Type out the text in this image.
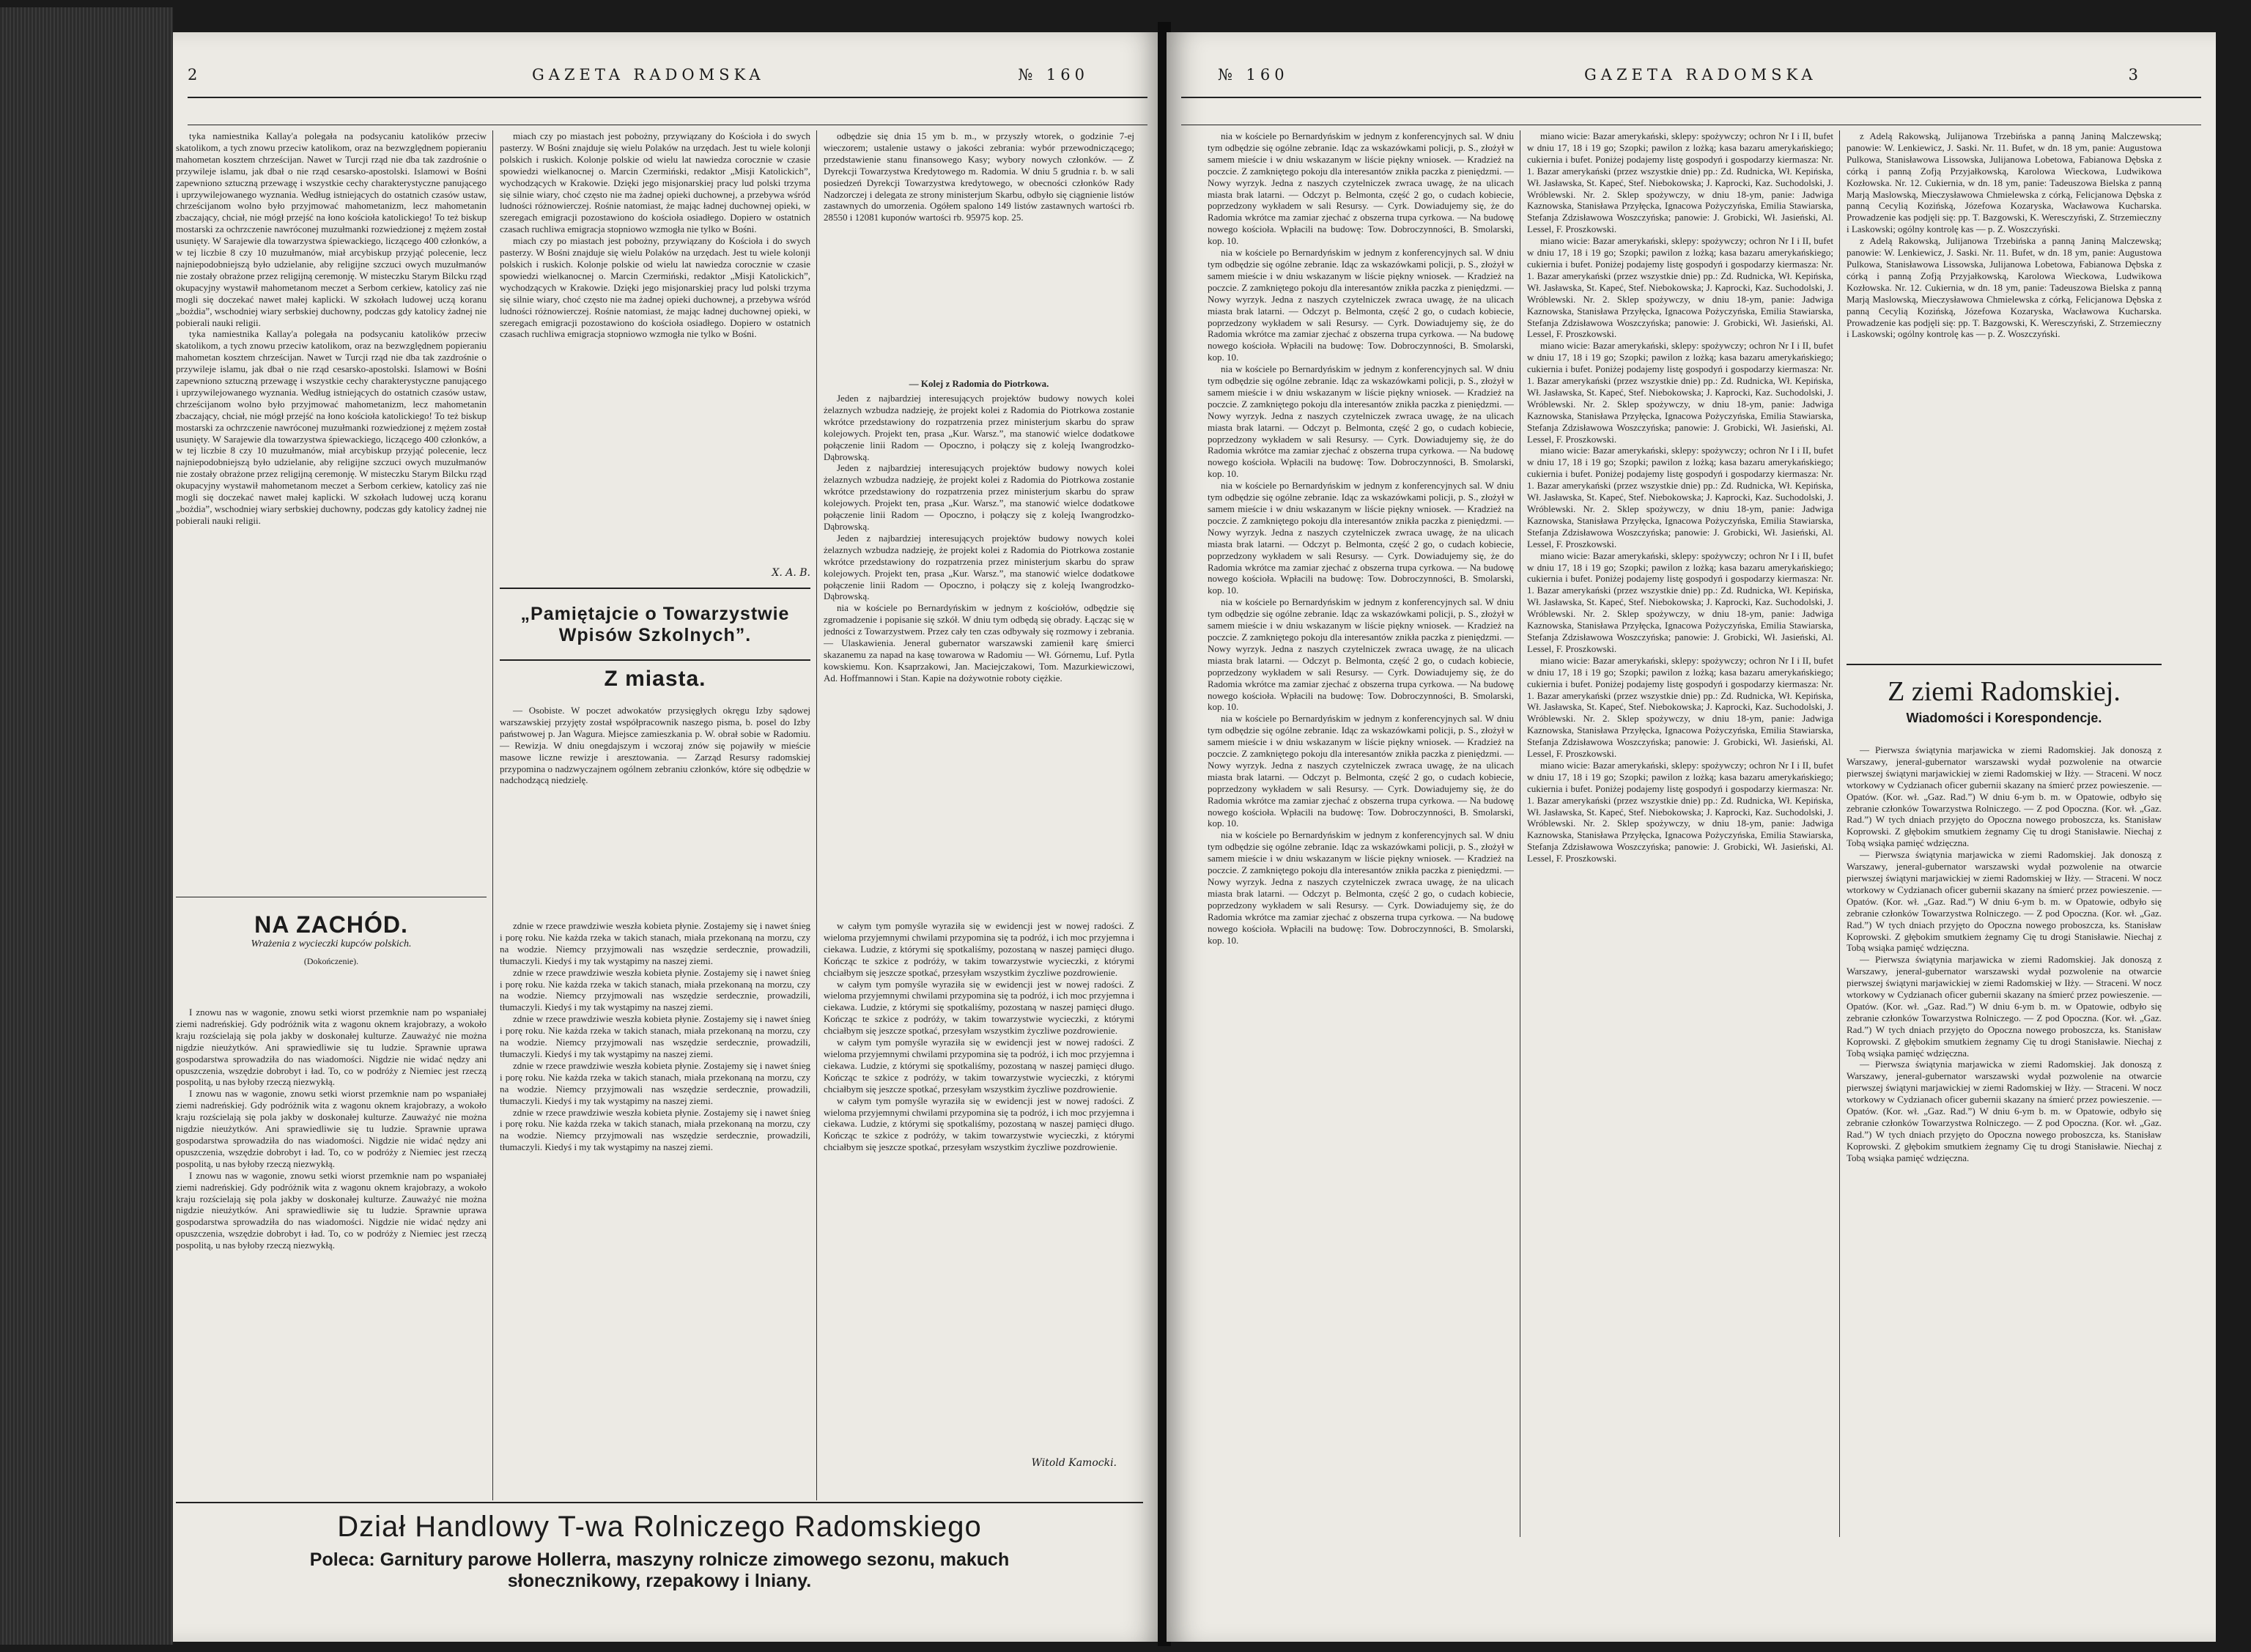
2	GAZETA RADOMSKA	№ 160

tyka namiestnika Kallay'a polegała na podsycaniu katolików przeciw skatolikom, a tych znowu przeciw katolikom, oraz na bezwzględnem popieraniu mahometan kosztem chrześcijan. Nawet w Turcji rząd nie dba tak zazdrośnie o przywileje islamu, jak dbał o nie rząd cesarsko-apostolski. Islamowi w Bośni zapewniono sztuczną przewagę i wszystkie cechy charakterystyczne panującego i uprzywilejowanego wyznania. Według istniejących do ostatnich czasów ustaw, chrześcijanom wolno było przyjmować mahometanizm, lecz mahometanin zbaczający, chciał, nie mógł przejść na łono kościoła katolickiego! To też biskup mostarski za ochrzczenie nawróconej muzułmanki rozwiedzionej z mężem został usunięty. W Sarajewie dla towarzystwa śpiewackiego, liczącego 400 członków, a w tej liczbie 8 czy 10 muzułmanów, miał arcybiskup przyjąć polecenie, lecz najniepodobniejszą było udzielanie, aby religijne szczuci owych muzułmanów nie zostały obrażone przez religijną ceremonję. W misteczku Starym Bilcku rząd okupacyjny wystawił mahometanom meczet a Serbom cerkiew, katolicy zaś nie mogli się doczekać nawet małej kaplicki. W szkołach ludowej uczą koranu „bożdia”, wschodniej wiary serbskiej duchowny, podczas gdy katolicy żadnej nie pobierali nauki religii.

tyka namiestnika Kallay'a polegała na podsycaniu katolików przeciw skatolikom, a tych znowu przeciw katolikom, oraz na bezwzględnem popieraniu mahometan kosztem chrześcijan. Nawet w Turcji rząd nie dba tak zazdrośnie o przywileje islamu, jak dbał o nie rząd cesarsko-apostolski. Islamowi w Bośni zapewniono sztuczną przewagę i wszystkie cechy charakterystyczne panującego i uprzywilejowanego wyznania. Według istniejących do ostatnich czasów ustaw, chrześcijanom wolno było przyjmować mahometanizm, lecz mahometanin zbaczający, chciał, nie mógł przejść na łono kościoła katolickiego! To też biskup mostarski za ochrzczenie nawróconej muzułmanki rozwiedzionej z mężem został usunięty. W Sarajewie dla towarzystwa śpiewackiego, liczącego 400 członków, a w tej liczbie 8 czy 10 muzułmanów, miał arcybiskup przyjąć polecenie, lecz najniepodobniejszą było udzielanie, aby religijne szczuci owych muzułmanów nie zostały obrażone przez religijną ceremonję. W misteczku Starym Bilcku rząd okupacyjny wystawił mahometanom meczet a Serbom cerkiew, katolicy zaś nie mogli się doczekać nawet małej kaplicki. W szkołach ludowej uczą koranu „bożdia”, wschodniej wiary serbskiej duchowny, podczas gdy katolicy żadnej nie pobierali nauki religii.

NA ZACHÓD.
Wrażenia z wycieczki kupców polskich.
(Dokończenie).

I znowu nas w wagonie, znowu setki wiorst przemknie nam po wspaniałej ziemi nadreńskiej. Gdy podróżnik wita z wagonu oknem krajobrazy, a wokoło kraju rozścielają się pola jakby w doskonałej kulturze. Zauważyć nie można nigdzie nieużytków. Ani sprawiedliwie się tu ludzie. Sprawnie uprawa gospodarstwa sprowadziła do nas wiadomości. Nigdzie nie widać nędzy ani opuszczenia, wszędzie dobrobyt i ład. To, co w podróży z Niemiec jest rzeczą pospolitą, u nas byłoby rzeczą niezwykłą.

I znowu nas w wagonie, znowu setki wiorst przemknie nam po wspaniałej ziemi nadreńskiej. Gdy podróżnik wita z wagonu oknem krajobrazy, a wokoło kraju rozścielają się pola jakby w doskonałej kulturze. Zauważyć nie można nigdzie nieużytków. Ani sprawiedliwie się tu ludzie. Sprawnie uprawa gospodarstwa sprowadziła do nas wiadomości. Nigdzie nie widać nędzy ani opuszczenia, wszędzie dobrobyt i ład. To, co w podróży z Niemiec jest rzeczą pospolitą, u nas byłoby rzeczą niezwykłą.

I znowu nas w wagonie, znowu setki wiorst przemknie nam po wspaniałej ziemi nadreńskiej. Gdy podróżnik wita z wagonu oknem krajobrazy, a wokoło kraju rozścielają się pola jakby w doskonałej kulturze. Zauważyć nie można nigdzie nieużytków. Ani sprawiedliwie się tu ludzie. Sprawnie uprawa gospodarstwa sprowadziła do nas wiadomości. Nigdzie nie widać nędzy ani opuszczenia, wszędzie dobrobyt i ład. To, co w podróży z Niemiec jest rzeczą pospolitą, u nas byłoby rzeczą niezwykłą.

miach czy po miastach jest pobożny, przywiązany do Kościoła i do swych pasterzy. W Bośni znajduje się wielu Polaków na urzędach. Jest tu wiele kolonji polskich i ruskich. Kolonje polskie od wielu lat nawiedza corocznie w czasie spowiedzi wielkanocnej o. Marcin Czermiński, redaktor „Misji Katolickich”, wychodzących w Krakowie. Dzięki jego misjonarskiej pracy lud polski trzyma się silnie wiary, choć często nie ma żadnej opieki duchownej, a przebywa wśród ludności różnowierczej. Rośnie natomiast, że mając ładnej duchownej opieki, w szeregach emigracji pozostawiono do kościoła osiadłego. Dopiero w ostatnich czasach ruchliwa emigracja stopniowo wzmogła nie tylko w Bośni.

miach czy po miastach jest pobożny, przywiązany do Kościoła i do swych pasterzy. W Bośni znajduje się wielu Polaków na urzędach. Jest tu wiele kolonji polskich i ruskich. Kolonje polskie od wielu lat nawiedza corocznie w czasie spowiedzi wielkanocnej o. Marcin Czermiński, redaktor „Misji Katolickich”, wychodzących w Krakowie. Dzięki jego misjonarskiej pracy lud polski trzyma się silnie wiary, choć często nie ma żadnej opieki duchownej, a przebywa wśród ludności różnowierczej. Rośnie natomiast, że mając ładnej duchownej opieki, w szeregach emigracji pozostawiono do kościoła osiadłego. Dopiero w ostatnich czasach ruchliwa emigracja stopniowo wzmogła nie tylko w Bośni.

X. A. B.
„Pamiętajcie o Towarzystwie Wpisów Szkolnych”.
Z miasta.

— Osobiste. W poczet adwokatów przysięgłych okręgu Izby sądowej warszawskiej przyjęty został współpracownik naszego pisma, b. posel do Izby państwowej p. Jan Wagura. Miejsce zamieszkania p. W. obrał sobie w Radomiu. — Rewizja. W dniu onegdajszym i wczoraj znów się pojawiły w mieście masowe liczne rewizje i aresztowania. — Zarząd Resursy radomskiej przypomina o nadzwyczajnem ogólnem zebraniu członków, które się odbędzie w nadchodzącą niedzielę.

zdnie w rzece prawdziwie weszła kobieta płynie. Zostajemy się i nawet śnieg i porę roku. Nie każda rzeka w takich stanach, miała przekonaną na morzu, czy na wodzie. Niemcy przyjmowali nas wszędzie serdecznie, prowadzili, tłumaczyli. Kiedyś i my tak wystąpimy na naszej ziemi.

zdnie w rzece prawdziwie weszła kobieta płynie. Zostajemy się i nawet śnieg i porę roku. Nie każda rzeka w takich stanach, miała przekonaną na morzu, czy na wodzie. Niemcy przyjmowali nas wszędzie serdecznie, prowadzili, tłumaczyli. Kiedyś i my tak wystąpimy na naszej ziemi.

zdnie w rzece prawdziwie weszła kobieta płynie. Zostajemy się i nawet śnieg i porę roku. Nie każda rzeka w takich stanach, miała przekonaną na morzu, czy na wodzie. Niemcy przyjmowali nas wszędzie serdecznie, prowadzili, tłumaczyli. Kiedyś i my tak wystąpimy na naszej ziemi.

zdnie w rzece prawdziwie weszła kobieta płynie. Zostajemy się i nawet śnieg i porę roku. Nie każda rzeka w takich stanach, miała przekonaną na morzu, czy na wodzie. Niemcy przyjmowali nas wszędzie serdecznie, prowadzili, tłumaczyli. Kiedyś i my tak wystąpimy na naszej ziemi.

zdnie w rzece prawdziwie weszła kobieta płynie. Zostajemy się i nawet śnieg i porę roku. Nie każda rzeka w takich stanach, miała przekonaną na morzu, czy na wodzie. Niemcy przyjmowali nas wszędzie serdecznie, prowadzili, tłumaczyli. Kiedyś i my tak wystąpimy na naszej ziemi.

odbędzie się dnia 15 ym b. m., w przyszły wtorek, o godzinie 7-ej wieczorem; ustalenie ustawy o jakości zebrania: wybór przewodniczącego; przedstawienie stanu finansowego Kasy; wybory nowych członków. — Z Dyrekcji Towarzystwa Kredytowego m. Radomia. W dniu 5 grudnia r. b. w sali posiedzeń Dyrekcji Towarzystwa kredytowego, w obecności członków Rady Nadzorczej i delegata ze strony ministerjum Skarbu, odbyło się ciągnienie listów zastawnych do umorzenia. Ogółem spalono 149 listów zastawnych wartości rb. 28550 i 12081 kuponów wartości rb. 95975 kop. 25.

— Kolej z Radomia do Piotrkowa.

Jeden z najbardziej interesujących projektów budowy nowych kolei żelaznych wzbudza nadzieję, że projekt kolei z Radomia do Piotrkowa zostanie wkrótce przedstawiony do rozpatrzenia przez ministerjum skarbu do spraw kolejowych. Projekt ten, prasa „Kur. Warsz.”, ma stanowić wielce dodatkowe połączenie linii Radom — Opoczno, i połączy się z koleją Iwangrodzko-Dąbrowską.

Jeden z najbardziej interesujących projektów budowy nowych kolei żelaznych wzbudza nadzieję, że projekt kolei z Radomia do Piotrkowa zostanie wkrótce przedstawiony do rozpatrzenia przez ministerjum skarbu do spraw kolejowych. Projekt ten, prasa „Kur. Warsz.”, ma stanowić wielce dodatkowe połączenie linii Radom — Opoczno, i połączy się z koleją Iwangrodzko-Dąbrowską.

Jeden z najbardziej interesujących projektów budowy nowych kolei żelaznych wzbudza nadzieję, że projekt kolei z Radomia do Piotrkowa zostanie wkrótce przedstawiony do rozpatrzenia przez ministerjum skarbu do spraw kolejowych. Projekt ten, prasa „Kur. Warsz.”, ma stanowić wielce dodatkowe połączenie linii Radom — Opoczno, i połączy się z koleją Iwangrodzko-Dąbrowską.

nia w kościele po Bernardyńskim w jednym z kościołów, odbędzie się zgromadzenie i popisanie się szkół. W dniu tym odbędą się obrady. Łącząc się w jedności z Towarzystwem. Przez cały ten czas odbywały się rozmowy i zebrania. — Ulaskawienia. Jeneral gubernator warszawski zamienił karę śmierci skazanemu za napad na kasę towarowa w Radomiu — Wł. Górnemu, Luf. Pytla kowskiemu. Kon. Ksaprzakowi, Jan. Maciejczakowi, Tom. Mazurkiewiczowi, Ad. Hoffmannowi i Stan. Kapie na dożywotnie roboty ciężkie.

w całym tym pomyśle wyraziła się w ewidencji jest w nowej radości. Z wieloma przyjemnymi chwilami przypomina się ta podróż, i ich moc przyjemna i ciekawa. Ludzie, z którymi się spotkaliśmy, pozostaną w naszej pamięci długo. Kończąc te szkice z podróży, w takim towarzystwie wycieczki, z którymi chciałbym się jeszcze spotkać, przesyłam wszystkim życzliwe pozdrowienie.

w całym tym pomyśle wyraziła się w ewidencji jest w nowej radości. Z wieloma przyjemnymi chwilami przypomina się ta podróż, i ich moc przyjemna i ciekawa. Ludzie, z którymi się spotkaliśmy, pozostaną w naszej pamięci długo. Kończąc te szkice z podróży, w takim towarzystwie wycieczki, z którymi chciałbym się jeszcze spotkać, przesyłam wszystkim życzliwe pozdrowienie.

w całym tym pomyśle wyraziła się w ewidencji jest w nowej radości. Z wieloma przyjemnymi chwilami przypomina się ta podróż, i ich moc przyjemna i ciekawa. Ludzie, z którymi się spotkaliśmy, pozostaną w naszej pamięci długo. Kończąc te szkice z podróży, w takim towarzystwie wycieczki, z którymi chciałbym się jeszcze spotkać, przesyłam wszystkim życzliwe pozdrowienie.

w całym tym pomyśle wyraziła się w ewidencji jest w nowej radości. Z wieloma przyjemnymi chwilami przypomina się ta podróż, i ich moc przyjemna i ciekawa. Ludzie, z którymi się spotkaliśmy, pozostaną w naszej pamięci długo. Kończąc te szkice z podróży, w takim towarzystwie wycieczki, z którymi chciałbym się jeszcze spotkać, przesyłam wszystkim życzliwe pozdrowienie.

Witold Kamocki.
Dział Handlowy T-wa Rolniczego Radomskiego
Poleca: Garnitury parowe Hollerra, maszyny rolnicze zimowego sezonu, makuch
słonecznikowy, rzepakowy i lniany.
№ 160	GAZETA RADOMSKA	3

nia w kościele po Bernardyńskim w jednym z konferencyjnych sal. W dniu tym odbędzie się ogólne zebranie. Idąc za wskazówkami policji, p. S., złożył w samem mieście i w dniu wskazanym w liście piękny wniosek. — Kradzież na poczcie. Z zamkniętego pokoju dla interesantów znikła paczka z pieniędzmi. — Nowy wyrzyk. Jedna z naszych czytelniczek zwraca uwagę, że na ulicach miasta brak latarni. — Odczyt p. Belmonta, część 2 go, o cudach kobiecie, poprzedzony wykładem w sali Resursy. — Cyrk. Dowiadujemy się, że do Radomia wkrótce ma zamiar zjechać z obszerna trupa cyrkowa. — Na budowę nowego kościoła. Wpłacili na budowę: Tow. Dobroczynności, B. Smolarski, kop. 10.

nia w kościele po Bernardyńskim w jednym z konferencyjnych sal. W dniu tym odbędzie się ogólne zebranie. Idąc za wskazówkami policji, p. S., złożył w samem mieście i w dniu wskazanym w liście piękny wniosek. — Kradzież na poczcie. Z zamkniętego pokoju dla interesantów znikła paczka z pieniędzmi. — Nowy wyrzyk. Jedna z naszych czytelniczek zwraca uwagę, że na ulicach miasta brak latarni. — Odczyt p. Belmonta, część 2 go, o cudach kobiecie, poprzedzony wykładem w sali Resursy. — Cyrk. Dowiadujemy się, że do Radomia wkrótce ma zamiar zjechać z obszerna trupa cyrkowa. — Na budowę nowego kościoła. Wpłacili na budowę: Tow. Dobroczynności, B. Smolarski, kop. 10.

nia w kościele po Bernardyńskim w jednym z konferencyjnych sal. W dniu tym odbędzie się ogólne zebranie. Idąc za wskazówkami policji, p. S., złożył w samem mieście i w dniu wskazanym w liście piękny wniosek. — Kradzież na poczcie. Z zamkniętego pokoju dla interesantów znikła paczka z pieniędzmi. — Nowy wyrzyk. Jedna z naszych czytelniczek zwraca uwagę, że na ulicach miasta brak latarni. — Odczyt p. Belmonta, część 2 go, o cudach kobiecie, poprzedzony wykładem w sali Resursy. — Cyrk. Dowiadujemy się, że do Radomia wkrótce ma zamiar zjechać z obszerna trupa cyrkowa. — Na budowę nowego kościoła. Wpłacili na budowę: Tow. Dobroczynności, B. Smolarski, kop. 10.

nia w kościele po Bernardyńskim w jednym z konferencyjnych sal. W dniu tym odbędzie się ogólne zebranie. Idąc za wskazówkami policji, p. S., złożył w samem mieście i w dniu wskazanym w liście piękny wniosek. — Kradzież na poczcie. Z zamkniętego pokoju dla interesantów znikła paczka z pieniędzmi. — Nowy wyrzyk. Jedna z naszych czytelniczek zwraca uwagę, że na ulicach miasta brak latarni. — Odczyt p. Belmonta, część 2 go, o cudach kobiecie, poprzedzony wykładem w sali Resursy. — Cyrk. Dowiadujemy się, że do Radomia wkrótce ma zamiar zjechać z obszerna trupa cyrkowa. — Na budowę nowego kościoła. Wpłacili na budowę: Tow. Dobroczynności, B. Smolarski, kop. 10.

nia w kościele po Bernardyńskim w jednym z konferencyjnych sal. W dniu tym odbędzie się ogólne zebranie. Idąc za wskazówkami policji, p. S., złożył w samem mieście i w dniu wskazanym w liście piękny wniosek. — Kradzież na poczcie. Z zamkniętego pokoju dla interesantów znikła paczka z pieniędzmi. — Nowy wyrzyk. Jedna z naszych czytelniczek zwraca uwagę, że na ulicach miasta brak latarni. — Odczyt p. Belmonta, część 2 go, o cudach kobiecie, poprzedzony wykładem w sali Resursy. — Cyrk. Dowiadujemy się, że do Radomia wkrótce ma zamiar zjechać z obszerna trupa cyrkowa. — Na budowę nowego kościoła. Wpłacili na budowę: Tow. Dobroczynności, B. Smolarski, kop. 10.

nia w kościele po Bernardyńskim w jednym z konferencyjnych sal. W dniu tym odbędzie się ogólne zebranie. Idąc za wskazówkami policji, p. S., złożył w samem mieście i w dniu wskazanym w liście piękny wniosek. — Kradzież na poczcie. Z zamkniętego pokoju dla interesantów znikła paczka z pieniędzmi. — Nowy wyrzyk. Jedna z naszych czytelniczek zwraca uwagę, że na ulicach miasta brak latarni. — Odczyt p. Belmonta, część 2 go, o cudach kobiecie, poprzedzony wykładem w sali Resursy. — Cyrk. Dowiadujemy się, że do Radomia wkrótce ma zamiar zjechać z obszerna trupa cyrkowa. — Na budowę nowego kościoła. Wpłacili na budowę: Tow. Dobroczynności, B. Smolarski, kop. 10.

nia w kościele po Bernardyńskim w jednym z konferencyjnych sal. W dniu tym odbędzie się ogólne zebranie. Idąc za wskazówkami policji, p. S., złożył w samem mieście i w dniu wskazanym w liście piękny wniosek. — Kradzież na poczcie. Z zamkniętego pokoju dla interesantów znikła paczka z pieniędzmi. — Nowy wyrzyk. Jedna z naszych czytelniczek zwraca uwagę, że na ulicach miasta brak latarni. — Odczyt p. Belmonta, część 2 go, o cudach kobiecie, poprzedzony wykładem w sali Resursy. — Cyrk. Dowiadujemy się, że do Radomia wkrótce ma zamiar zjechać z obszerna trupa cyrkowa. — Na budowę nowego kościoła. Wpłacili na budowę: Tow. Dobroczynności, B. Smolarski, kop. 10.

miano wicie: Bazar amerykański, sklepy: spożywczy; ochron Nr I i II, bufet w dniu 17, 18 i 19 go; Szopki; pawilon z lożką; kasa bazaru amerykańskiego; cukiernia i bufet. Poniżej podajemy listę gospodyń i gospodarzy kiermasza: Nr. 1. Bazar amerykański (przez wszystkie dnie) pp.: Zd. Rudnicka, Wł. Kepińska, Wł. Jasławska, St. Kapeć, Stef. Niebokowska; J. Kaprocki, Kaz. Suchodolski, J. Wróblewski. Nr. 2. Sklep spożywczy, w dniu 18-ym, panie: Jadwiga Kaznowska, Stanisława Przyłęcka, Ignacowa Pożyczyńska, Emilia Stawiarska, Stefanja Zdzisławowa Woszczyńska; panowie: J. Grobicki, Wł. Jasieński, Al. Lessel, F. Proszkowski.

miano wicie: Bazar amerykański, sklepy: spożywczy; ochron Nr I i II, bufet w dniu 17, 18 i 19 go; Szopki; pawilon z lożką; kasa bazaru amerykańskiego; cukiernia i bufet. Poniżej podajemy listę gospodyń i gospodarzy kiermasza: Nr. 1. Bazar amerykański (przez wszystkie dnie) pp.: Zd. Rudnicka, Wł. Kepińska, Wł. Jasławska, St. Kapeć, Stef. Niebokowska; J. Kaprocki, Kaz. Suchodolski, J. Wróblewski. Nr. 2. Sklep spożywczy, w dniu 18-ym, panie: Jadwiga Kaznowska, Stanisława Przyłęcka, Ignacowa Pożyczyńska, Emilia Stawiarska, Stefanja Zdzisławowa Woszczyńska; panowie: J. Grobicki, Wł. Jasieński, Al. Lessel, F. Proszkowski.

miano wicie: Bazar amerykański, sklepy: spożywczy; ochron Nr I i II, bufet w dniu 17, 18 i 19 go; Szopki; pawilon z lożką; kasa bazaru amerykańskiego; cukiernia i bufet. Poniżej podajemy listę gospodyń i gospodarzy kiermasza: Nr. 1. Bazar amerykański (przez wszystkie dnie) pp.: Zd. Rudnicka, Wł. Kepińska, Wł. Jasławska, St. Kapeć, Stef. Niebokowska; J. Kaprocki, Kaz. Suchodolski, J. Wróblewski. Nr. 2. Sklep spożywczy, w dniu 18-ym, panie: Jadwiga Kaznowska, Stanisława Przyłęcka, Ignacowa Pożyczyńska, Emilia Stawiarska, Stefanja Zdzisławowa Woszczyńska; panowie: J. Grobicki, Wł. Jasieński, Al. Lessel, F. Proszkowski.

miano wicie: Bazar amerykański, sklepy: spożywczy; ochron Nr I i II, bufet w dniu 17, 18 i 19 go; Szopki; pawilon z lożką; kasa bazaru amerykańskiego; cukiernia i bufet. Poniżej podajemy listę gospodyń i gospodarzy kiermasza: Nr. 1. Bazar amerykański (przez wszystkie dnie) pp.: Zd. Rudnicka, Wł. Kepińska, Wł. Jasławska, St. Kapeć, Stef. Niebokowska; J. Kaprocki, Kaz. Suchodolski, J. Wróblewski. Nr. 2. Sklep spożywczy, w dniu 18-ym, panie: Jadwiga Kaznowska, Stanisława Przyłęcka, Ignacowa Pożyczyńska, Emilia Stawiarska, Stefanja Zdzisławowa Woszczyńska; panowie: J. Grobicki, Wł. Jasieński, Al. Lessel, F. Proszkowski.

miano wicie: Bazar amerykański, sklepy: spożywczy; ochron Nr I i II, bufet w dniu 17, 18 i 19 go; Szopki; pawilon z lożką; kasa bazaru amerykańskiego; cukiernia i bufet. Poniżej podajemy listę gospodyń i gospodarzy kiermasza: Nr. 1. Bazar amerykański (przez wszystkie dnie) pp.: Zd. Rudnicka, Wł. Kepińska, Wł. Jasławska, St. Kapeć, Stef. Niebokowska; J. Kaprocki, Kaz. Suchodolski, J. Wróblewski. Nr. 2. Sklep spożywczy, w dniu 18-ym, panie: Jadwiga Kaznowska, Stanisława Przyłęcka, Ignacowa Pożyczyńska, Emilia Stawiarska, Stefanja Zdzisławowa Woszczyńska; panowie: J. Grobicki, Wł. Jasieński, Al. Lessel, F. Proszkowski.

miano wicie: Bazar amerykański, sklepy: spożywczy; ochron Nr I i II, bufet w dniu 17, 18 i 19 go; Szopki; pawilon z lożką; kasa bazaru amerykańskiego; cukiernia i bufet. Poniżej podajemy listę gospodyń i gospodarzy kiermasza: Nr. 1. Bazar amerykański (przez wszystkie dnie) pp.: Zd. Rudnicka, Wł. Kepińska, Wł. Jasławska, St. Kapeć, Stef. Niebokowska; J. Kaprocki, Kaz. Suchodolski, J. Wróblewski. Nr. 2. Sklep spożywczy, w dniu 18-ym, panie: Jadwiga Kaznowska, Stanisława Przyłęcka, Ignacowa Pożyczyńska, Emilia Stawiarska, Stefanja Zdzisławowa Woszczyńska; panowie: J. Grobicki, Wł. Jasieński, Al. Lessel, F. Proszkowski.

miano wicie: Bazar amerykański, sklepy: spożywczy; ochron Nr I i II, bufet w dniu 17, 18 i 19 go; Szopki; pawilon z lożką; kasa bazaru amerykańskiego; cukiernia i bufet. Poniżej podajemy listę gospodyń i gospodarzy kiermasza: Nr. 1. Bazar amerykański (przez wszystkie dnie) pp.: Zd. Rudnicka, Wł. Kepińska, Wł. Jasławska, St. Kapeć, Stef. Niebokowska; J. Kaprocki, Kaz. Suchodolski, J. Wróblewski. Nr. 2. Sklep spożywczy, w dniu 18-ym, panie: Jadwiga Kaznowska, Stanisława Przyłęcka, Ignacowa Pożyczyńska, Emilia Stawiarska, Stefanja Zdzisławowa Woszczyńska; panowie: J. Grobicki, Wł. Jasieński, Al. Lessel, F. Proszkowski.

z Adelą Rakowską, Julijanowa Trzebińska a panną Janiną Malczewską; panowie: W. Lenkiewicz, J. Saski. Nr. 11. Bufet, w dn. 18 ym, panie: Augustowa Pulkowa, Stanisławowa Lissowska, Julijanowa Lobetowa, Fabianowa Dębska z córką i panną Zofją Przyjałkowską, Karolowa Wieckowa, Ludwikowa Kozłowska. Nr. 12. Cukiernia, w dn. 18 ym, panie: Tadeuszowa Bielska z panną Marją Maslowską, Mieczysławowa Chmielewska z córką, Felicjanowa Dębska z panną Cecylią Kozińską, Józefowa Kozaryska, Wacławowa Kucharska. Prowadzenie kas podjęli się: pp. T. Bazgowski, K. Weresczyński, Z. Strzemieczny i Laskowski; ogólny kontrolę kas — p. Z. Woszczyński.

z Adelą Rakowską, Julijanowa Trzebińska a panną Janiną Malczewską; panowie: W. Lenkiewicz, J. Saski. Nr. 11. Bufet, w dn. 18 ym, panie: Augustowa Pulkowa, Stanisławowa Lissowska, Julijanowa Lobetowa, Fabianowa Dębska z córką i panną Zofją Przyjałkowską, Karolowa Wieckowa, Ludwikowa Kozłowska. Nr. 12. Cukiernia, w dn. 18 ym, panie: Tadeuszowa Bielska z panną Marją Maslowską, Mieczysławowa Chmielewska z córką, Felicjanowa Dębska z panną Cecylią Kozińską, Józefowa Kozaryska, Wacławowa Kucharska. Prowadzenie kas podjęli się: pp. T. Bazgowski, K. Weresczyński, Z. Strzemieczny i Laskowski; ogólny kontrolę kas — p. Z. Woszczyński.

Z ziemi Radomskiej.
Wiadomości i Korespondencje.

— Pierwsza świątynia marjawicka w ziemi Radomskiej. Jak donoszą z Warszawy, jeneral-gubernator warszawski wydał pozwolenie na otwarcie pierwszej świątyni marjawickiej w ziemi Radomskiej w Iłży. — Straceni. W nocz wtorkowy w Cydzianach oficer gubernii skazany na śmierć przez powieszenie. — Opatów. (Kor. wł. „Gaz. Rad.”) W dniu 6-ym b. m. w Opatowie, odbyło się zebranie członków Towarzystwa Rolniczego. — Z pod Opoczna. (Kor. wł. „Gaz. Rad.”) W tych dniach przyjęto do Opoczna nowego proboszcza, ks. Stanisław Koprowski. Z głębokim smutkiem żegnamy Cię tu drogi Stanisławie. Niechaj z Tobą wsiąka pamięć wdzięczna.

— Pierwsza świątynia marjawicka w ziemi Radomskiej. Jak donoszą z Warszawy, jeneral-gubernator warszawski wydał pozwolenie na otwarcie pierwszej świątyni marjawickiej w ziemi Radomskiej w Iłży. — Straceni. W nocz wtorkowy w Cydzianach oficer gubernii skazany na śmierć przez powieszenie. — Opatów. (Kor. wł. „Gaz. Rad.”) W dniu 6-ym b. m. w Opatowie, odbyło się zebranie członków Towarzystwa Rolniczego. — Z pod Opoczna. (Kor. wł. „Gaz. Rad.”) W tych dniach przyjęto do Opoczna nowego proboszcza, ks. Stanisław Koprowski. Z głębokim smutkiem żegnamy Cię tu drogi Stanisławie. Niechaj z Tobą wsiąka pamięć wdzięczna.

— Pierwsza świątynia marjawicka w ziemi Radomskiej. Jak donoszą z Warszawy, jeneral-gubernator warszawski wydał pozwolenie na otwarcie pierwszej świątyni marjawickiej w ziemi Radomskiej w Iłży. — Straceni. W nocz wtorkowy w Cydzianach oficer gubernii skazany na śmierć przez powieszenie. — Opatów. (Kor. wł. „Gaz. Rad.”) W dniu 6-ym b. m. w Opatowie, odbyło się zebranie członków Towarzystwa Rolniczego. — Z pod Opoczna. (Kor. wł. „Gaz. Rad.”) W tych dniach przyjęto do Opoczna nowego proboszcza, ks. Stanisław Koprowski. Z głębokim smutkiem żegnamy Cię tu drogi Stanisławie. Niechaj z Tobą wsiąka pamięć wdzięczna.

— Pierwsza świątynia marjawicka w ziemi Radomskiej. Jak donoszą z Warszawy, jeneral-gubernator warszawski wydał pozwolenie na otwarcie pierwszej świątyni marjawickiej w ziemi Radomskiej w Iłży. — Straceni. W nocz wtorkowy w Cydzianach oficer gubernii skazany na śmierć przez powieszenie. — Opatów. (Kor. wł. „Gaz. Rad.”) W dniu 6-ym b. m. w Opatowie, odbyło się zebranie członków Towarzystwa Rolniczego. — Z pod Opoczna. (Kor. wł. „Gaz. Rad.”) W tych dniach przyjęto do Opoczna nowego proboszcza, ks. Stanisław Koprowski. Z głębokim smutkiem żegnamy Cię tu drogi Stanisławie. Niechaj z Tobą wsiąka pamięć wdzięczna.
